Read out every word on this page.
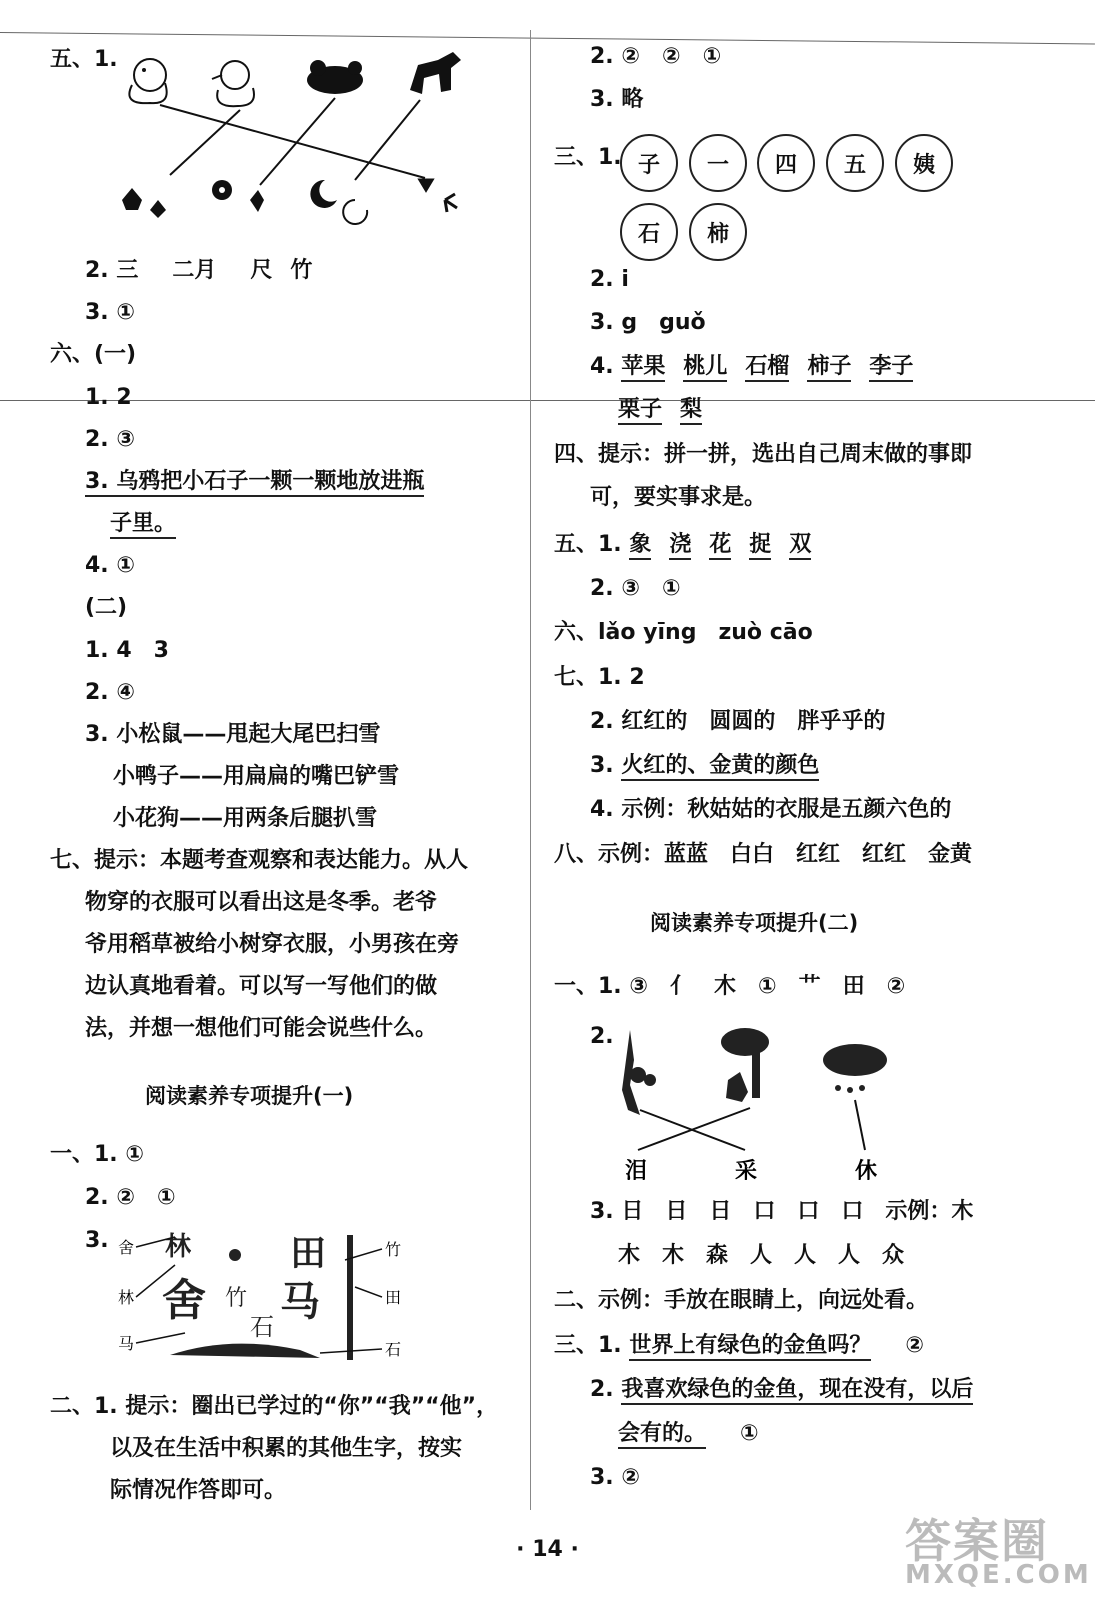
五、1.
2. 三 二月 尺 竹
3. ①
六、(一)
1. 2
2. ③
3. 乌鸦把小石子一颗一颗地放进瓶
子里。
4. ①
(二)
1. 4　3
2. ④
3. 小松鼠——甩起大尾巴扫雪
小鸭子——用扁扁的嘴巴铲雪
小花狗——用两条后腿扒雪
七、提示：本题考查观察和表达能力。从人
物穿的衣服可以看出这是冬季。老爷
爷用稻草被给小树穿衣服，小男孩在旁
边认真地看着。可以写一写他们的做
法，并想一想他们可能会说些什么。
阅读素养专项提升(一)
一、1. ①
2. ②　①
3. 林
舍
田
马
竹
石
舍
林
马
竹
田
石
二、1. 提示：圈出已学过的“你”“我”“他”，
以及在生活中积累的其他生字，按实
际情况作答即可。
2. ②　②　①
3. 略
三、1. 子	一	四	五	姨
石	柿
2. i
3. g　guǒ
4. 苹果 桃儿 石榴 柿子 李子
栗子 梨
四、提示：拼一拼，选出自己周末做的事即
可，要实事求是。
五、1. 象 浇 花 捉 双
2. ③　①
六、lǎo yīng　zuò cāo
七、1. 2
2. 红红的　圆圆的　胖乎乎的
3. 火红的、金黄的颜色
4. 示例：秋姑姑的衣服是五颜六色的
八、示例：蓝蓝　白白　红红　红红　金黄
阅读素养专项提升(二)
一、1. ③　亻　木　①　艹　田　②
2.
泪	采	休
3. 日　日　日　口　口　口　示例：木
木　木　森　人　人　人　众
二、示例：手放在眼睛上，向远处看。
三、1. 世界上有绿色的金鱼吗？ ②
2. 我喜欢绿色的金鱼，现在没有，以后
会有的。 ①
3. ②
· 14 ·	答案圈
MXQE.COM
